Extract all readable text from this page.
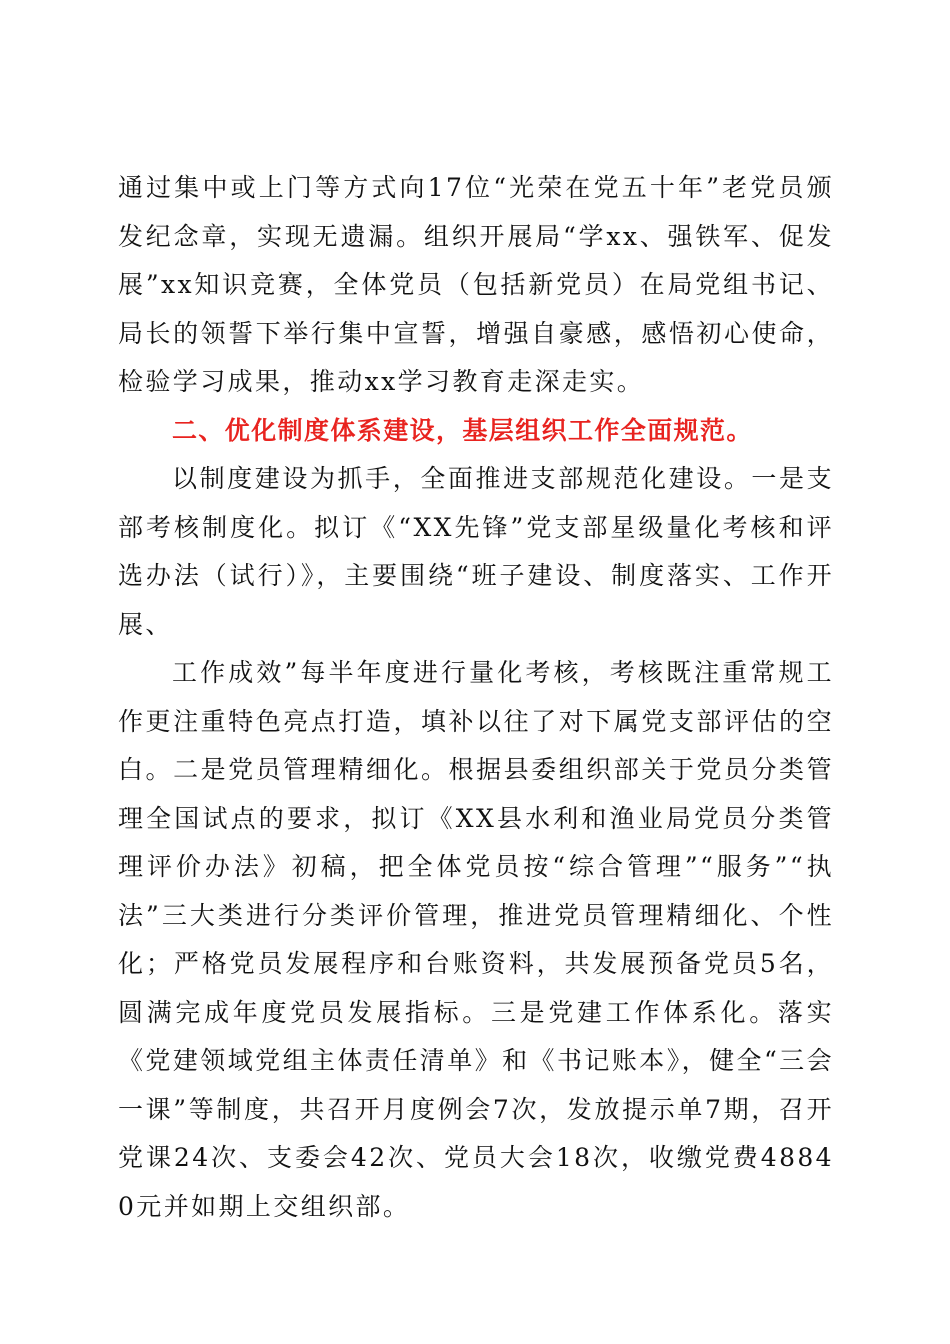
通过集中或上门等方式向17位“光荣在党五十年”老党员颁发纪念章，实现无遗漏。组织开展局“学xx、强铁军、促发展”xx知识竞赛，全体党员（包括新党员）在局党组书记、局长的领誓下举行集中宣誓，增强自豪感，感悟初心使命，检验学习成果，推动xx学习教育走深走实。

二、优化制度体系建设，基层组织工作全面规范。

以制度建设为抓手，全面推进支部规范化建设。一是支部考核制度化。拟订《“XX先锋”党支部星级量化考核和评选办法（试行）》，主要围绕“班子建设、制度落实、工作开展、

工作成效”每半年度进行量化考核，考核既注重常规工作更注重特色亮点打造，填补以往了对下属党支部评估的空白。二是党员管理精细化。根据县委组织部关于党员分类管理全国试点的要求，拟订《XX县水利和渔业局党员分类管理评价办法》初稿，把全体党员按“综合管理”“服务”“执法”三大类进行分类评价管理，推进党员管理精细化、个性化；严格党员发展程序和台账资料，共发展预备党员5名，圆满完成年度党员发展指标。三是党建工作体系化。落实《党建领域党组主体责任清单》和《书记账本》，健全“三会一课”等制度，共召开月度例会7次，发放提示单7期，召开党课24次、支委会42次、党员大会18次，收缴党费48840元并如期上交组织部。
